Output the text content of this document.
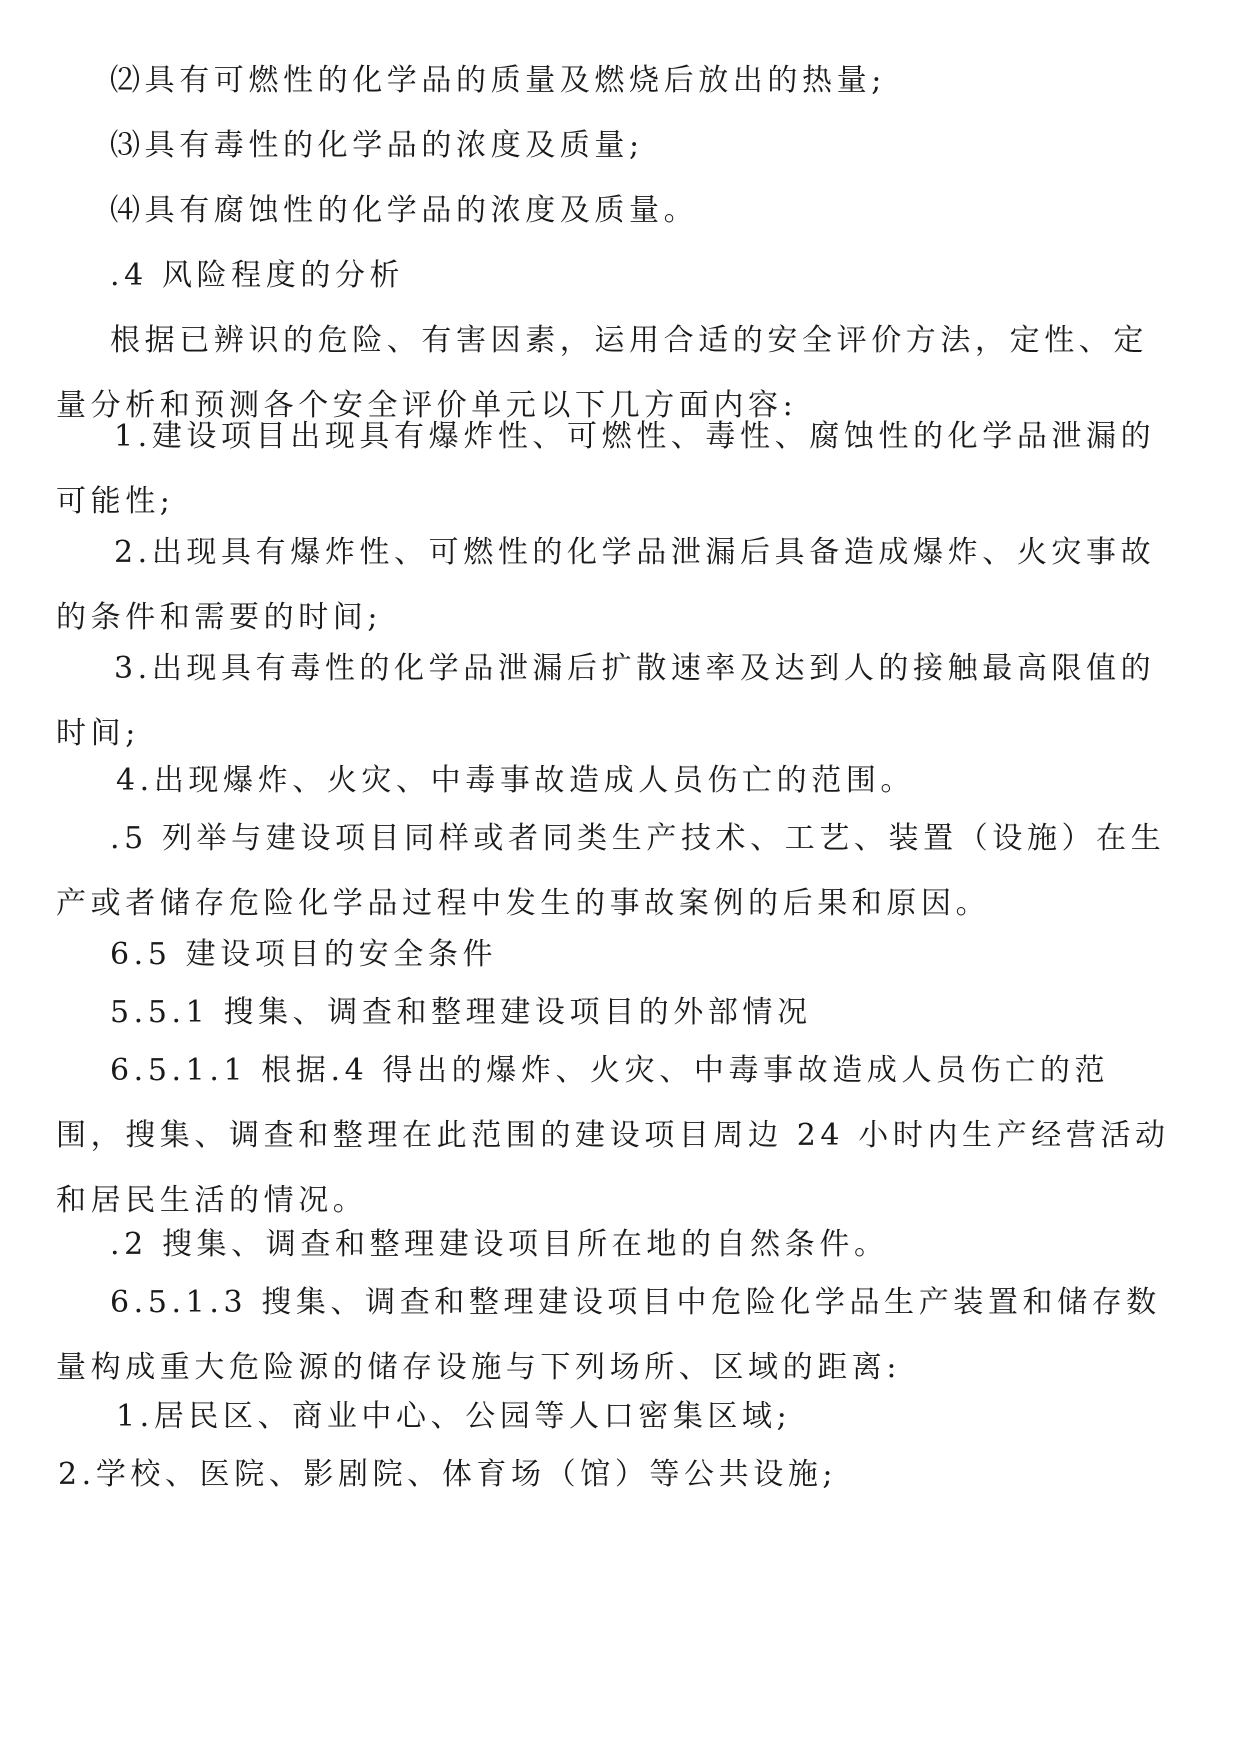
⑵具有可燃性的化学品的质量及燃烧后放出的热量;

⑶具有毒性的化学品的浓度及质量;

⑷具有腐蚀性的化学品的浓度及质量。

.4 风险程度的分析

根据已辨识的危险、有害因素，运用合适的安全评价方法，定性、定量分析和预测各个安全评价单元以下几方面内容:

1.建设项目出现具有爆炸性、可燃性、毒性、腐蚀性的化学品泄漏的可能性;

2.出现具有爆炸性、可燃性的化学品泄漏后具备造成爆炸、火灾事故的条件和需要的时间;

3.出现具有毒性的化学品泄漏后扩散速率及达到人的接触最高限值的时间;

4.出现爆炸、火灾、中毒事故造成人员伤亡的范围。

.5 列举与建设项目同样或者同类生产技术、工艺、装置（设施）在生产或者储存危险化学品过程中发生的事故案例的后果和原因。

6.5 建设项目的安全条件

5.5.1 搜集、调查和整理建设项目的外部情况

6.5.1.1 根据.4 得出的爆炸、火灾、中毒事故造成人员伤亡的范围，搜集、调查和整理在此范围的建设项目周边 24 小时内生产经营活动和居民生活的情况。

.2 搜集、调查和整理建设项目所在地的自然条件。

6.5.1.3 搜集、调查和整理建设项目中危险化学品生产装置和储存数量构成重大危险源的储存设施与下列场所、区域的距离:

1.居民区、商业中心、公园等人口密集区域;

2.学校、医院、影剧院、体育场（馆）等公共设施;
